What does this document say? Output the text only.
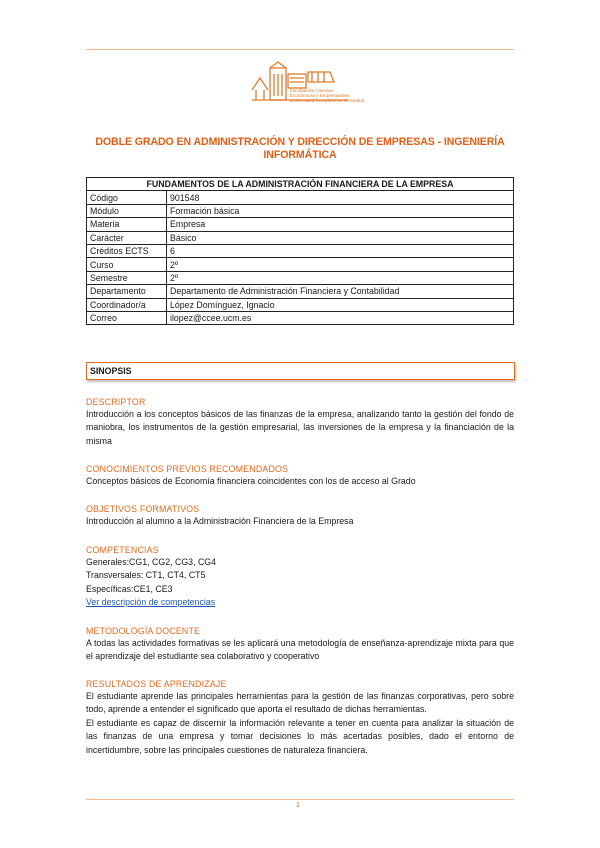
Facultad de Ciencias
Económicas y Empresariales
Universidad Complutense de Madrid
DOBLE GRADO EN ADMINISTRACIÓN Y DIRECCIÓN DE EMPRESAS - INGENIERÍA INFORMÁTICA
FUNDAMENTOS DE LA ADMINISTRACIÓN FINANCIERA DE LA EMPRESA	
Código	901548
Módulo	Formación básica
Materia	Empresa
Carácter	Básico
Créditos ECTS	6
Curso	2º
Semestre	2º
Departamento	Departamento de Administración Financiera y Contabilidad
Coordinador/a	López Domínguez, Ignacio
Correo	ilopez@ccee.ucm.es
SINOPSIS
DESCRIPTOR
Introducción a los conceptos básicos de las finanzas de la empresa, analizando tanto la gestión del fondo de maniobra, los instrumentos de la gestión empresarial, las inversiones de la empresa y la financiación de la misma
CONOCIMIENTOS PREVIOS RECOMENDADOS
Conceptos básicos de Economía financiera coincidentes con los de acceso al Grado
OBJETIVOS FORMATIVOS
Introducción al alumno a la Administración Financiera de la Empresa
COMPETENCIAS
Generales:CG1, CG2, CG3, CG4
Transversales: CT1, CT4, CT5
Específicas:CE1, CE3
Ver descripción de competencias
METODOLOGÍA DOCENTE
A todas las actividades formativas se les aplicará una metodología de enseñanza-aprendizaje mixta para que el aprendizaje del estudiante sea colaborativo y cooperativo
RESULTADOS DE APRENDIZAJE
El estudiante aprende las principales herramientas para la gestión de las finanzas corporativas, pero sobre todo, aprende a entender el significado que aporta el resultado de dichas herramientas.
El estudiante es capaz de discernir la información relevante a tener en cuenta para analizar la situación de las finanzas de una empresa y tomar decisiones lo más acertadas posibles, dado el entorno de incertidumbre, sobre las principales cuestiones de naturaleza financiera.
1
